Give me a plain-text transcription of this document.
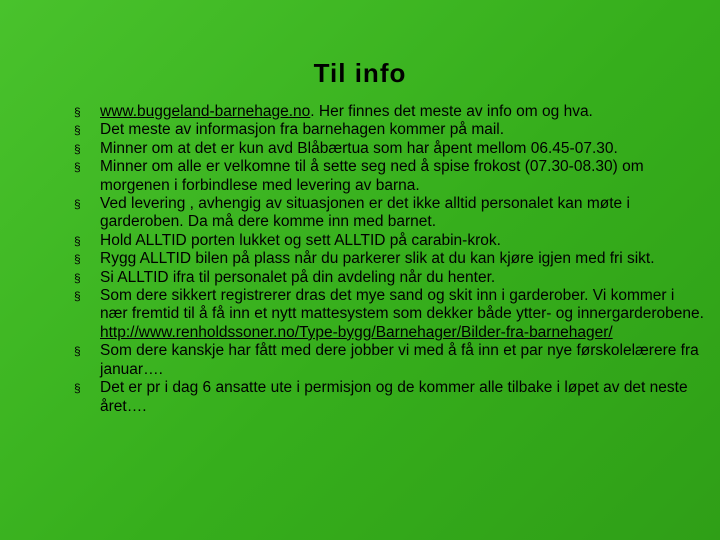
Til info
§	www.buggeland-barnehage.no. Her finnes det meste av info om og hva.
§	Det meste av informasjon fra barnehagen kommer på mail.
§	Minner om at det er kun avd Blåbærtua som har åpent mellom 06.45-07.30.
§	Minner om alle er velkomne til å sette seg ned å spise frokost (07.30-08.30) om morgenen i forbindlese med levering av barna.
§	Ved levering , avhengig av situasjonen er det ikke alltid personalet kan møte i garderoben. Da må dere komme inn med barnet.
§	Hold ALLTID porten lukket og sett ALLTID på carabin-krok.
§	Rygg ALLTID bilen på plass når du parkerer slik at du kan kjøre igjen med fri sikt.
§	Si ALLTID ifra til personalet på din avdeling når du henter.
§	Som dere sikkert registrerer dras det mye sand og skit inn i garderober. Vi kommer i nær fremtid til å få inn et nytt mattesystem som dekker både ytter- og innergarderobene. http://www.renholdssoner.no/Type-bygg/Barnehager/Bilder-fra-barnehager/
§	Som dere kanskje har fått med dere jobber vi med å få inn et par nye førskolelærere fra januar….
§	Det er pr i dag 6 ansatte ute i permisjon og de kommer alle tilbake i løpet av det neste året….
